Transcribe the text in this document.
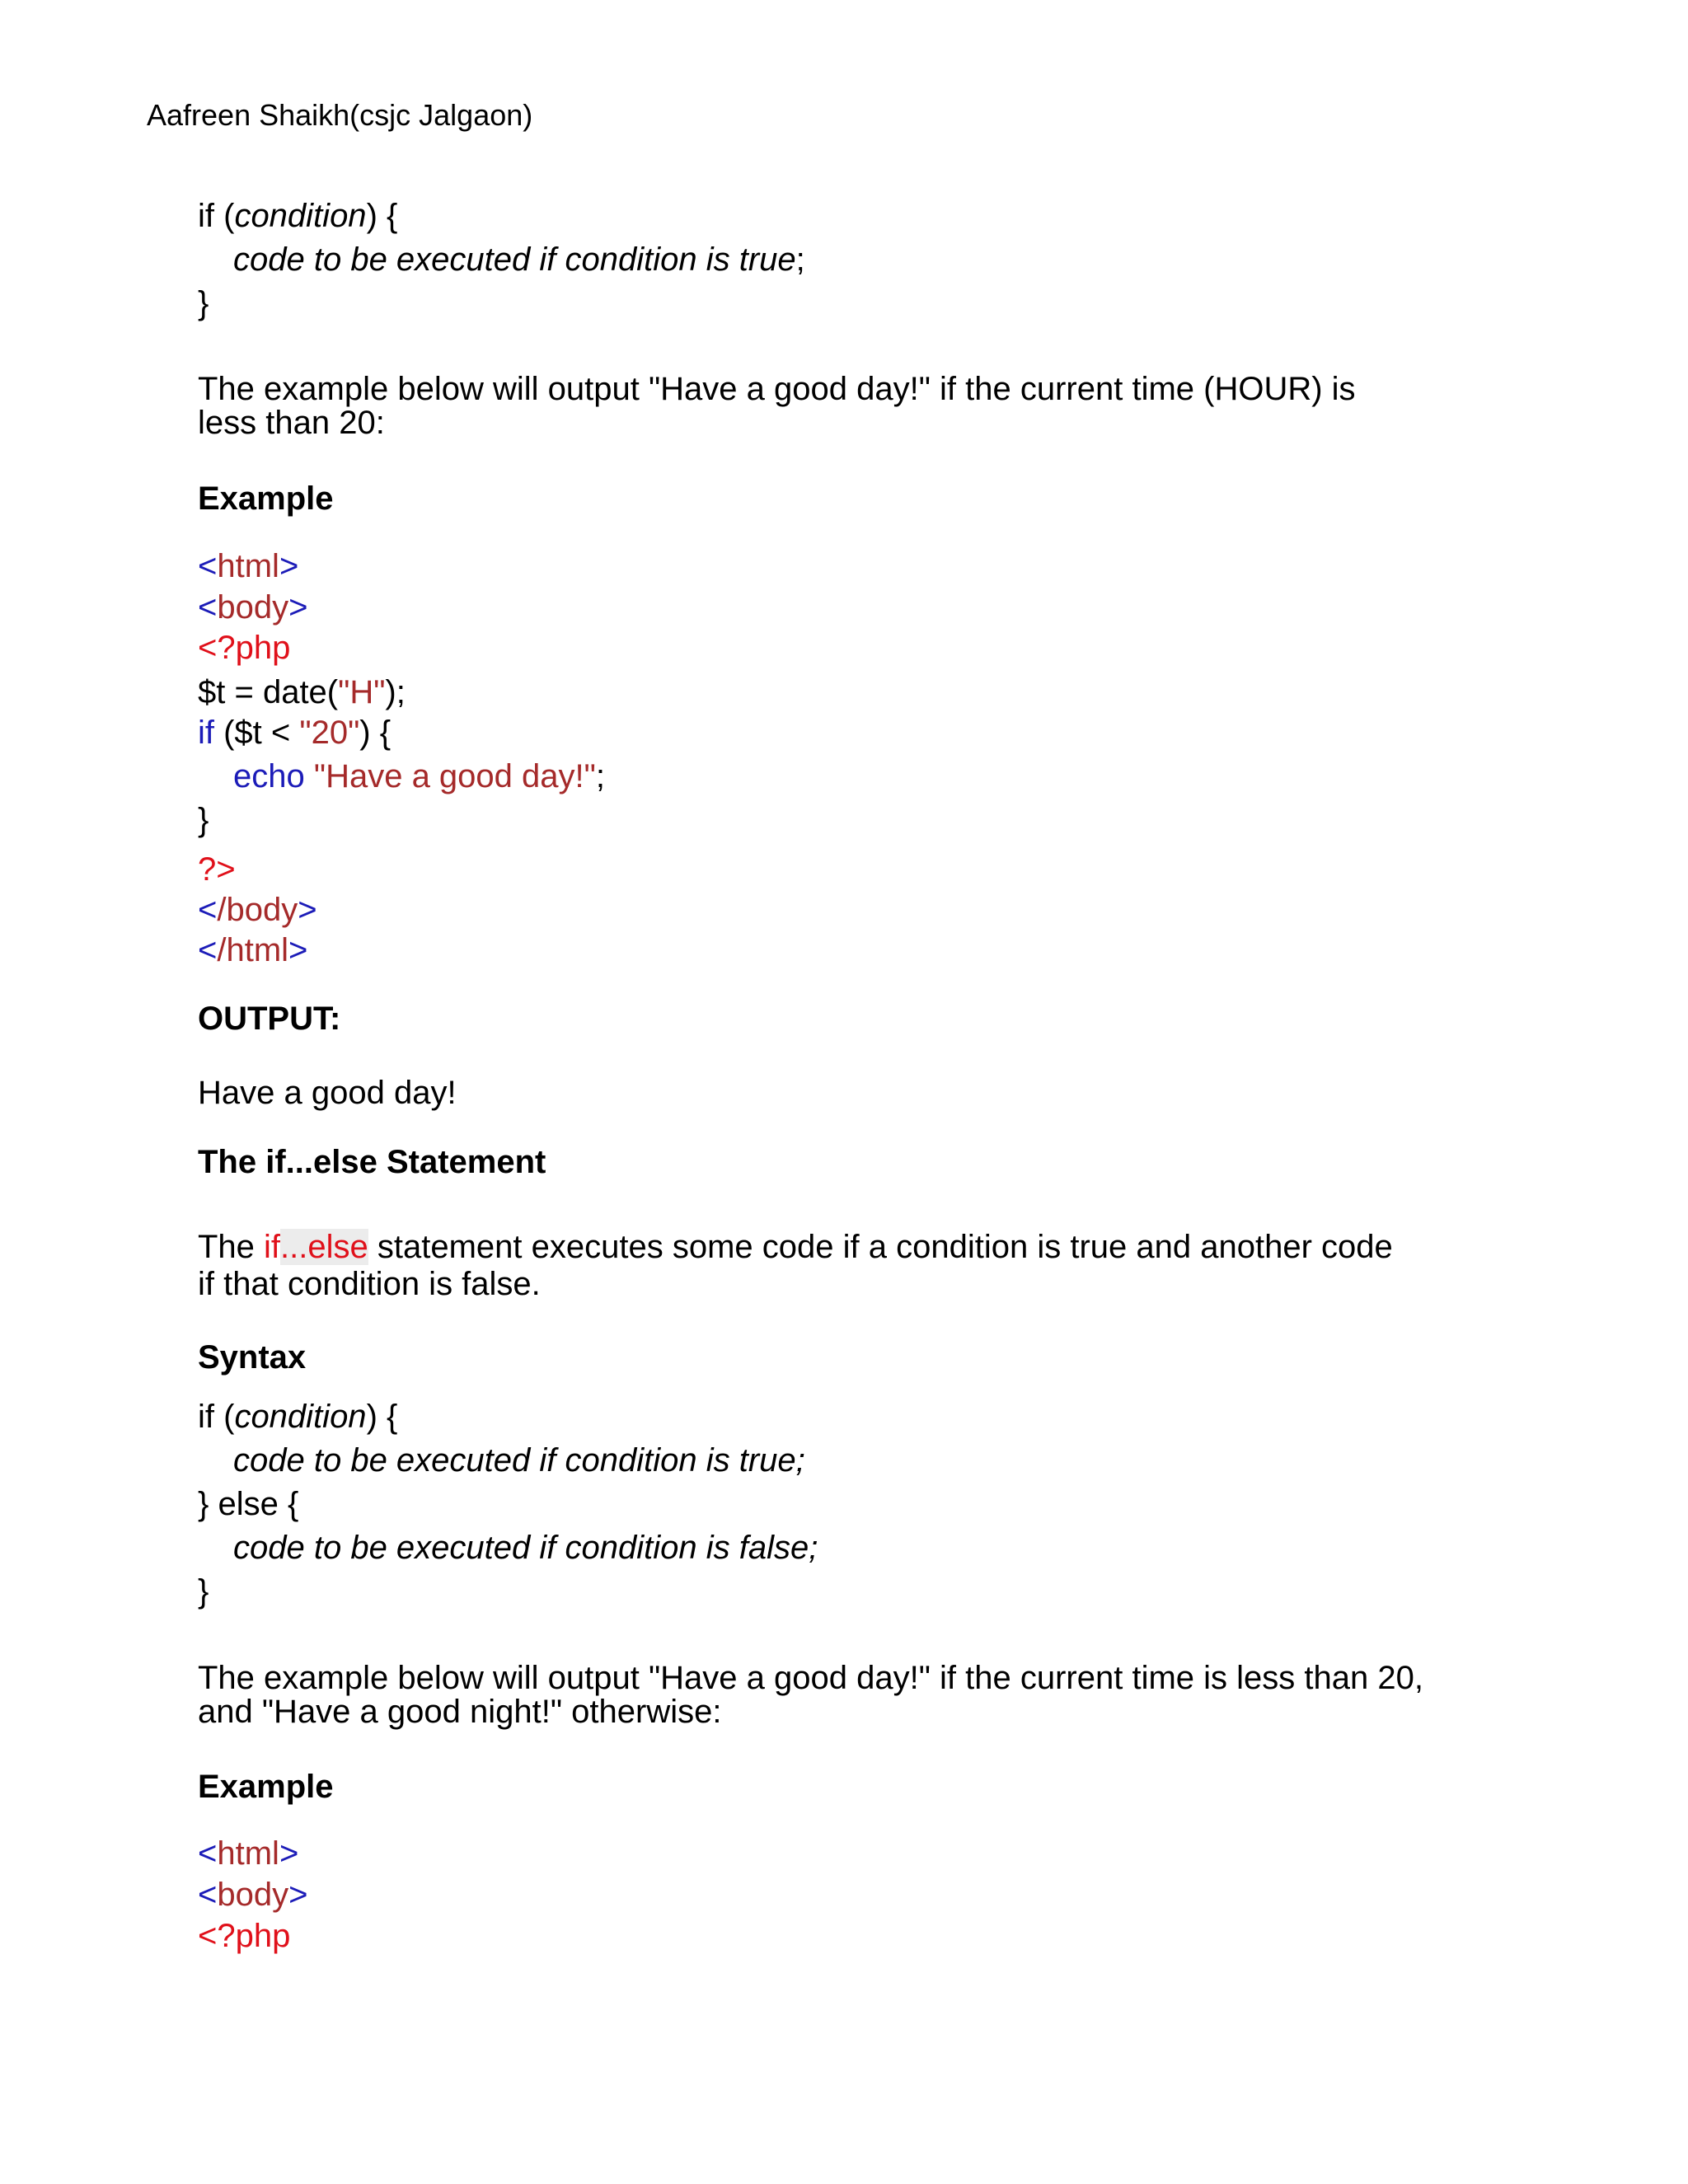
Aafreen Shaikh(csjc Jalgaon)
if (condition) {
code to be executed if condition is true;
}
The example below will output "Have a good day!" if the current time (HOUR) is
less than 20:
Example
<html>
<body>
<?php
$t = date("H");
if ($t < "20") {
echo "Have a good day!";
}
?>
</body>
</html>
OUTPUT:
Have a good day!
The if...else Statement
The if...else statement executes some code if a condition is true and another code
if that condition is false.
Syntax
if (condition) {
code to be executed if condition is true;
} else {
code to be executed if condition is false;
}
The example below will output "Have a good day!" if the current time is less than 20,
and "Have a good night!" otherwise:
Example
<html>
<body>
<?php
